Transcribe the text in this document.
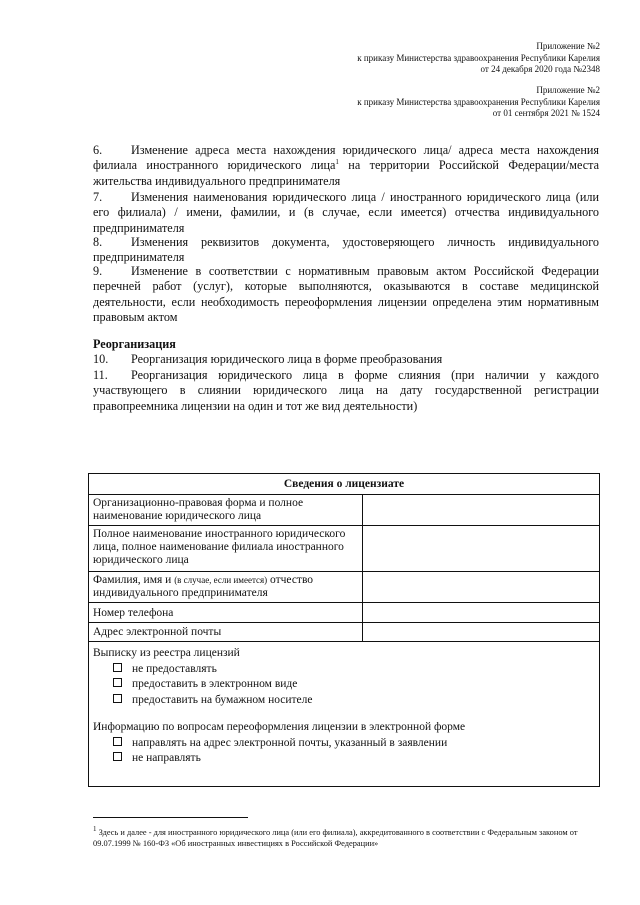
Приложение №2
к приказу Министерства здравоохранения Республики Карелия
от 24 декабря 2020 года №2348
Приложение №2
к приказу Министерства здравоохранения Республики Карелия
от 01 сентября 2021 № 1524
6. Изменение адреса места нахождения юридического лица/ адреса места нахождения филиала иностранного юридического лица$^1$ на территории Российской Федерации/места жительства индивидуального предпринимателя
7. Изменения наименования юридического лица / иностранного юридического лица (или его филиала) / имени, фамилии, и (в случае, если имеется) отчества индивидуального предпринимателя
8. Изменения реквизитов документа, удостоверяющего личность индивидуального предпринимателя
9. Изменение в соответствии с нормативным правовым актом Российской Федерации перечней работ (услуг), которые выполняются, оказываются в составе медицинской деятельности, если необходимость переоформления лицензии определена этим нормативным правовым актом
Реорганизация
10. Реорганизация юридического лица в форме преобразования
11. Реорганизация юридического лица в форме слияния (при наличии у каждого участвующего в слиянии юридического лица на дату государственной регистрации правопреемника лицензии на один и тот же вид деятельности)
Сведения о лицензиате
Организационно-правовая форма и полное наименование юридического лица
Полное наименование иностранного юридического лица, полное наименование филиала иностранного юридического лица
Фамилия, имя и (в случае, если имеется) отчество индивидуального предпринимателя
Номер телефона
Адрес электронной почты
Выписку из реестра лицензий
не предоставлять
предоставить в электронном виде
предоставить на бумажном носителе
Информацию по вопросам переоформления лицензии в электронной форме
направлять на адрес электронной почты, указанный в заявлении
не направлять
$^1$ Здесь и далее - для иностранного юридического лица (или его филиала), аккредитованного в соответствии с Федеральным законом от 09.07.1999 № 160-ФЗ «Об иностранных инвестициях в Российской Федерации»
